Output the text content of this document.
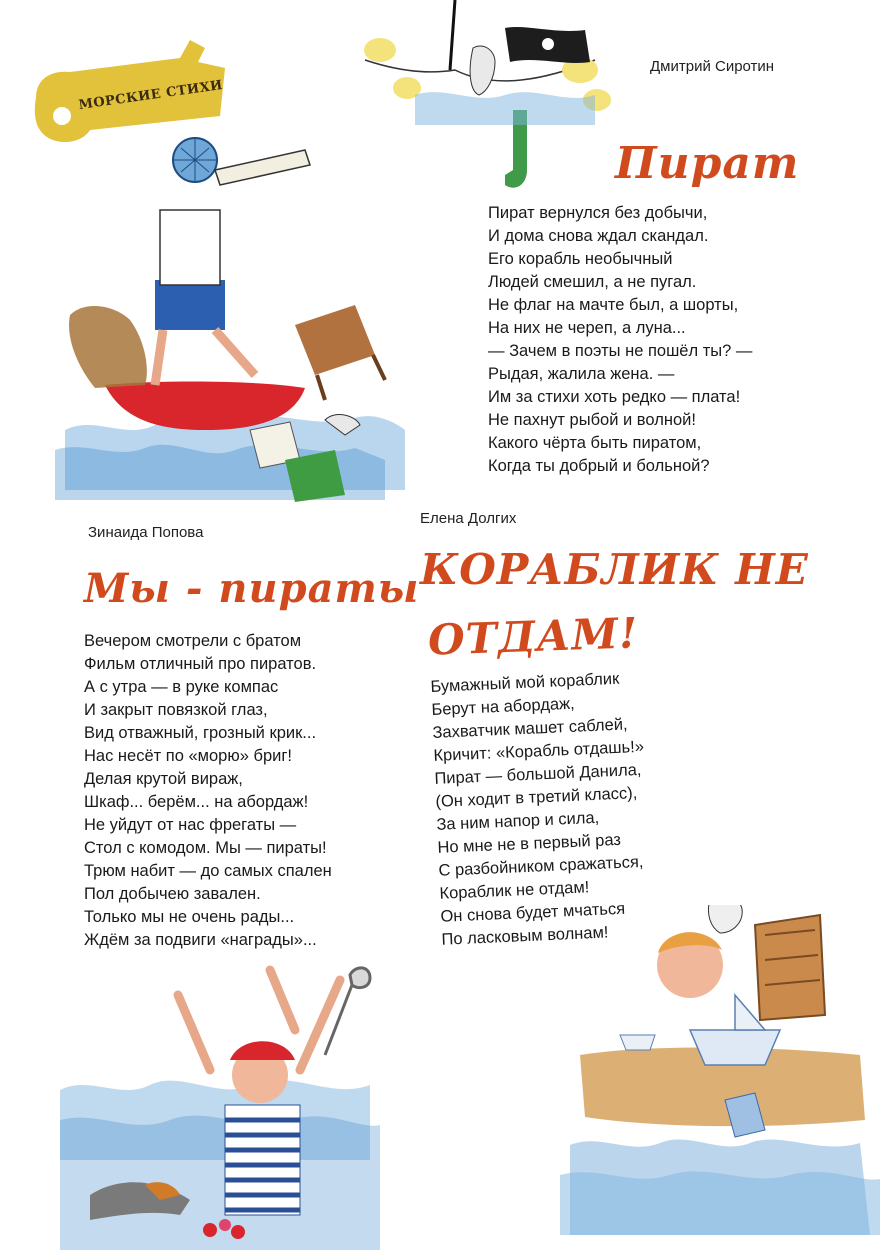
МОРСКИЕ СТИХИ
Дмитрий Сиротин
Пират
Пират вернулся без добычи,
И дома снова ждал скандал.
Его корабль необычный
Людей смешил, а не пугал.
Не флаг на мачте был, а шорты,
На них не череп, а луна...
— Зачем в поэты не пошёл ты? —
Рыдая, жалила жена. —
Им за стихи хоть редко — плата!
Не пахнут рыбой и волной!
Какого чёрта быть пиратом,
Когда ты добрый и больной?
Зинаида Попова
Мы - пираты
Вечером смотрели с братом
Фильм отличный про пиратов.
А с утра — в руке компас
И закрыт повязкой глаз,
Вид отважный, грозный крик...
Нас несёт по «морю» бриг!
Делая крутой вираж,
Шкаф... берём... на абордаж!
Не уйдут от нас фрегаты —
Стол с комодом. Мы — пираты!
Трюм набит — до самых спален
Пол добычею завален.
Только мы не очень рады...
Ждём за подвиги «награды»...
Елена Долгих
КОРАБЛИК НЕ
ОТДАМ!
Бумажный мой кораблик
Берут на абордаж,
Захватчик машет саблей,
Кричит: «Корабль отдашь!»
Пират — большой Данила,
(Он ходит в третий класс),
За ним напор и сила,
Но мне не в первый раз
С разбойником сражаться,
Кораблик не отдам!
Он снова будет мчаться
По ласковым волнам!
